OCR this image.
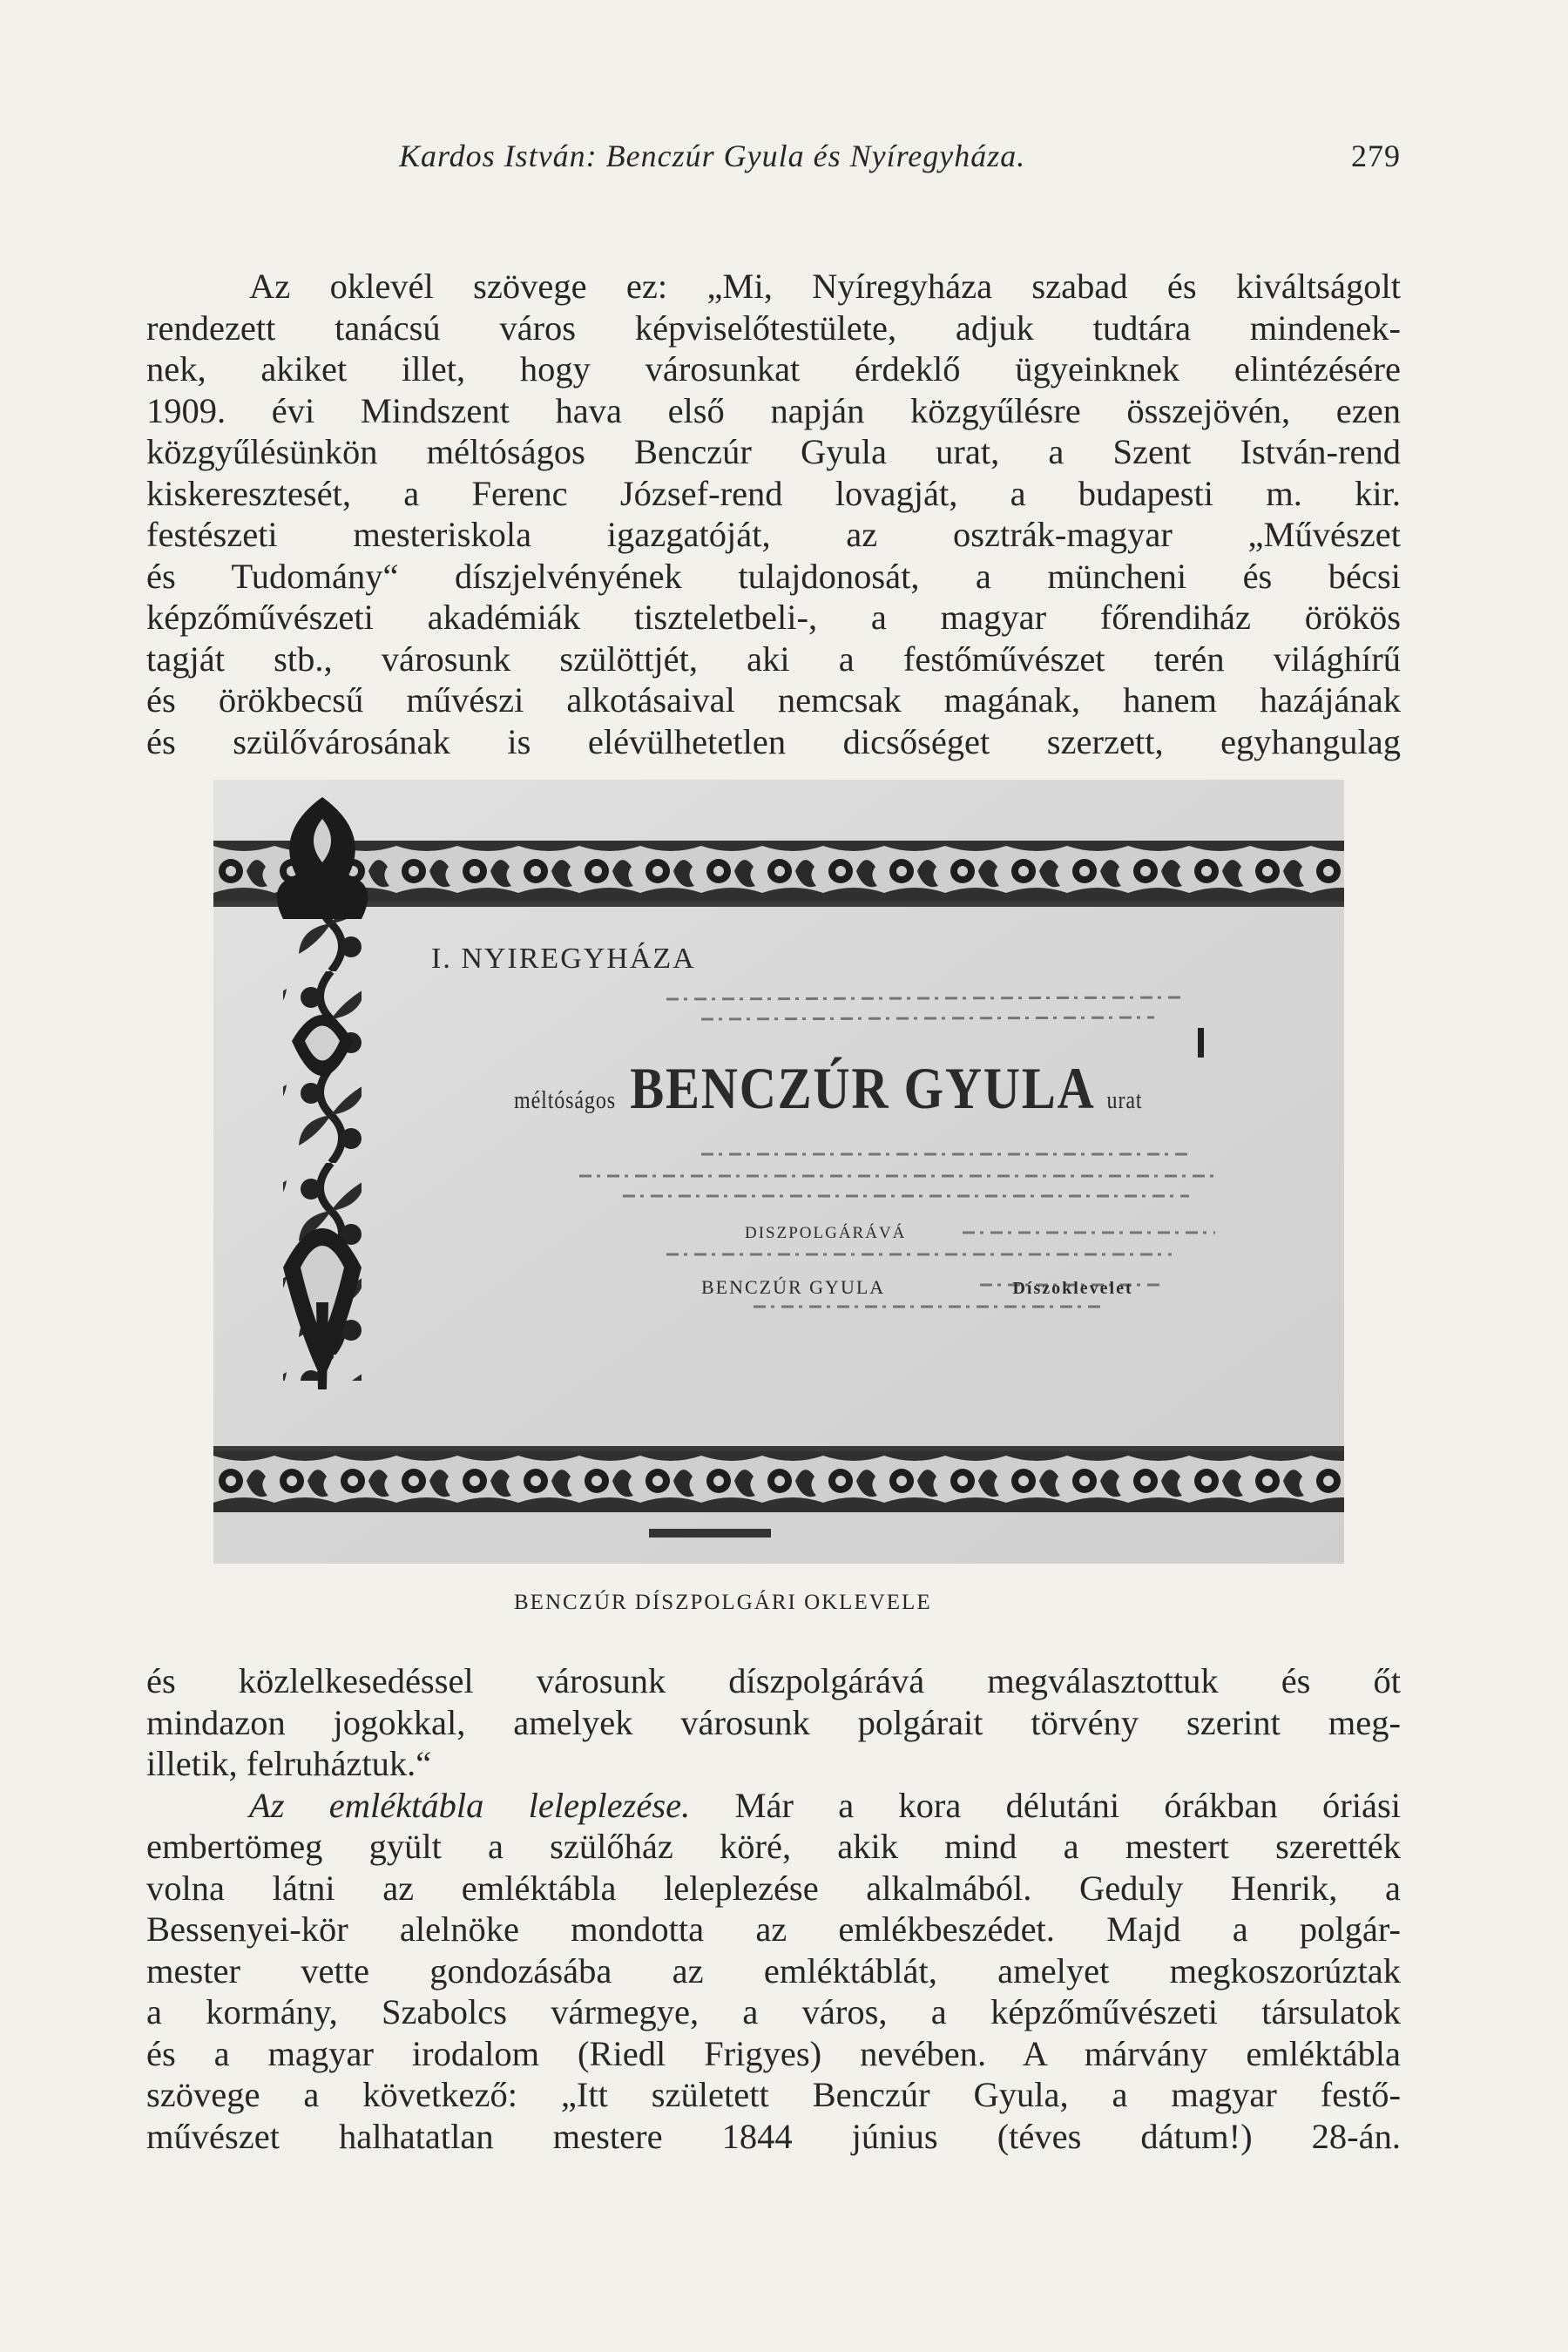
Kardos István: Benczúr Gyula és Nyíregyháza.	279

Az oklevél szövege ez: „Mi, Nyíregyháza szabad és kiváltságolt

rendezett tanácsú város képviselőtestülete, adjuk tudtára mindenek-

nek, akiket illet, hogy városunkat érdeklő ügyeinknek elintézésére

1909. évi Mindszent hava első napján közgyűlésre összejövén, ezen

közgyűlésünkön méltóságos Benczúr Gyula urat, a Szent István-rend

kiskeresztesét, a Ferenc József-rend lovagját, a budapesti m. kir.

festészeti mesteriskola igazgatóját, az osztrák-magyar „Művészet

és Tudomány“ díszjelvényének tulajdonosát, a müncheni és bécsi

képzőművészeti akadémiák tiszteletbeli-, a magyar főrendiház örökös

tagját stb., városunk szülöttjét, aki a festőművészet terén világhírű

és örökbecsű művészi alkotásaival nemcsak magának, hanem hazájának

és szülővárosának is elévülhetetlen dicsőséget szerzett, egyhangulag

I. NYIREGYHÁZA
méltóságos BENCZÚR GYULA urat
DISZPOLGÁRÁVÁ
BENCZÚR GYULA	Díszoklevelet
BENCZÚR DÍSZPOLGÁRI OKLEVELE

és közlelkesedéssel városunk díszpolgárává megválasztottuk és őt

mindazon jogokkal, amelyek városunk polgárait törvény szerint meg-

illetik, felruháztuk.“

Az emléktábla leleplezése. Már a kora délutáni órákban óriási

embertömeg gyült a szülőház köré, akik mind a mestert szerették

volna látni az emléktábla leleplezése alkalmából. Geduly Henrik, a

Bessenyei-kör alelnöke mondotta az emlékbeszédet. Majd a polgár-

mester vette gondozásába az emléktáblát, amelyet megkoszorúztak

a kormány, Szabolcs vármegye, a város, a képzőművészeti társulatok

és a magyar irodalom (Riedl Frigyes) nevében. A márvány emléktábla

szövege a következő: „Itt született Benczúr Gyula, a magyar festő-

művészet halhatatlan mestere 1844 június (téves dátum!) 28-án.
